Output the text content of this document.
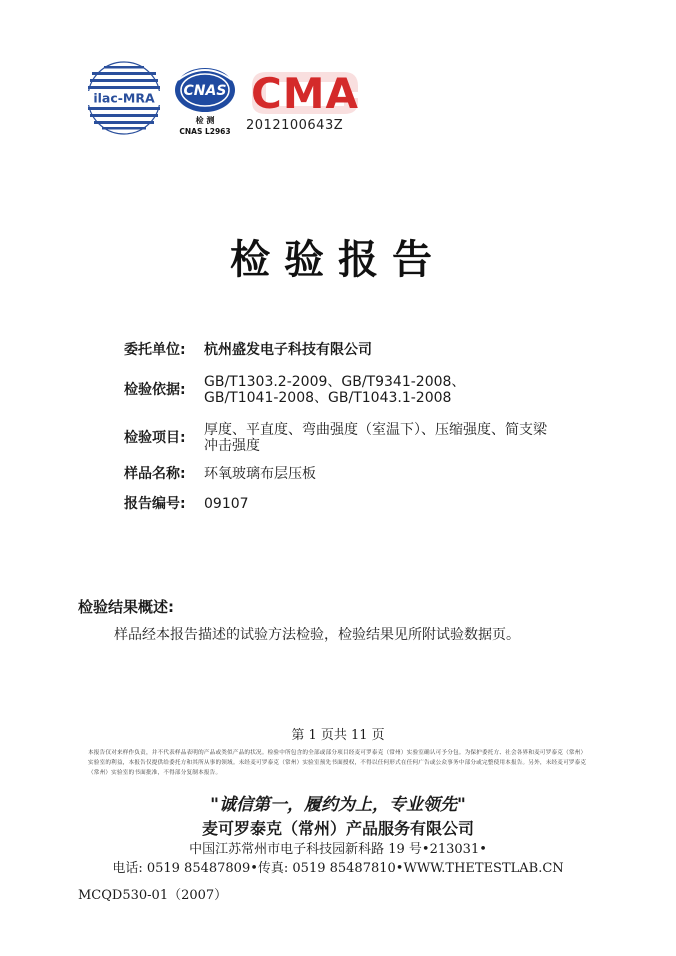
ilac-MRA CNAS
检 测
CNAS L2963
CMA
2012100643Z
检验报告
委托单位:	杭州盛发电子科技有限公司
检验依据:	GB/T1303.2-2009、GB/T9341-2008、GB/T1041-2008、GB/T1043.1-2008
检验项目:	厚度、平直度、弯曲强度（室温下）、压缩强度、简支梁冲击强度
样品名称:	环氧玻璃布层压板
报告编号:	09107
检验结果概述:
样品经本报告描述的试验方法检验，检验结果见所附试验数据页。
第 1 页共 11 页
本报告仅对来样作负责，并不代表样品表明的产品或类似产品的状况。检验中所包含的全部或部分项目经麦可罗泰克（常州）实验室确认可予分包。为保护委托方、社会各界和麦可罗泰克（常州）实验室的利益，本报告仅提供给委托方和其所从事的领域。未经麦可罗泰克（常州）实验室预先书面授权，不得以任何形式在任何广告或公众事务中部分或完整使用本报告。另外，未经麦可罗泰克（常州）实验室的书面批准，不得部分复制本报告。
"诚信第一，履约为上，专业领先"
麦可罗泰克（常州）产品服务有限公司
中国江苏常州市电子科技园新科路 19 号•213031•
电话: 0519 85487809•传真: 0519 85487810•WWW.THETESTLAB.CN
MCQD530-01（2007）
